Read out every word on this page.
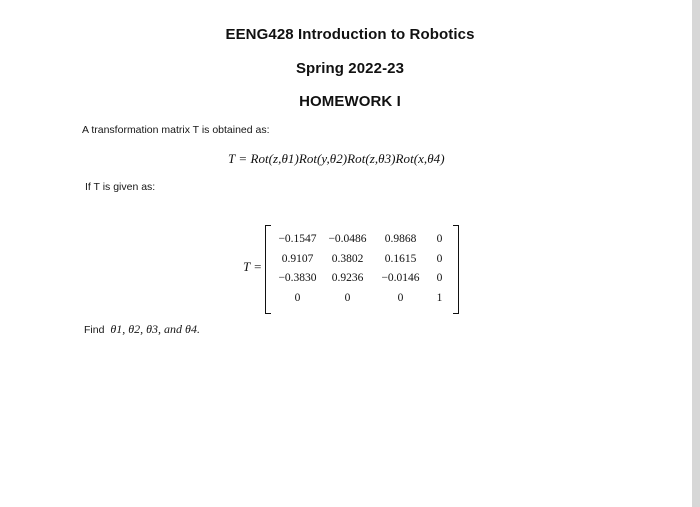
EENG428 Introduction to Robotics
Spring 2022-23
HOMEWORK I
A transformation matrix T is obtained as:
T = Rot(z,θ1)Rot(y,θ2)Rot(z,θ3)Rot(x,θ4)
If T is given as:
T =
−0.1547	−0.0486	0.9868	0
0.9107	0.3802	0.1615	0
−0.3830	0.9236	−0.0146	0
0	0	0	1
Find θ1, θ2, θ3, and θ4.
